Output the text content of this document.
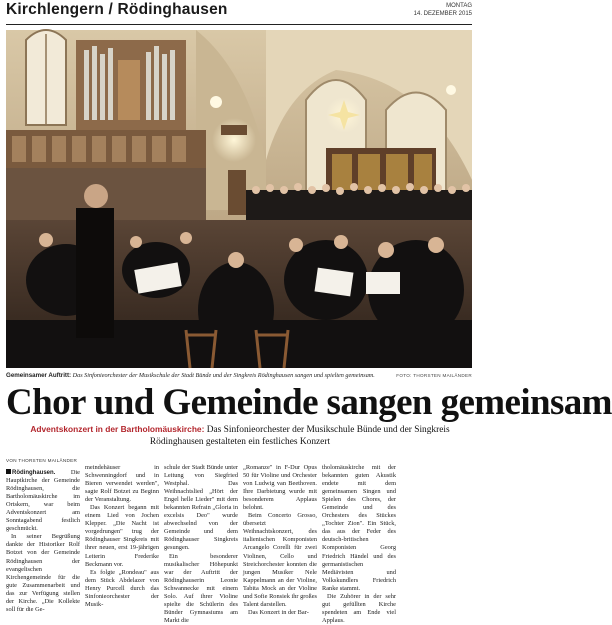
Kirchlengern / Rödinghausen	MONTAG
14. DEZEMBER 2015
Gemeinsamer Auftritt: Das Sinfonieorchester der Musikschule der Stadt Bünde und der Singkreis Rödinghausen sangen und spielten gemeinsam.	FOTO: THORSTEN MAILÄNDER
Chor und Gemeinde sangen gemeinsam
Adventskonzert in der Bartholomäuskirche: Das Sinfonieorchester der Musikschule Bünde und der Singkreis Rödinghausen gestalteten ein festliches Konzert
VON THORSTEN MAILÄNDER

Rödinghausen. Die Hauptkirche der Gemeinde Rödinghausen, die Bartholomäuskirche im Ortskern, war beim Adventskonzert am Sonntagabend festlich geschmückt.

In seiner Begrüßung dankte der Historiker Rolf Botzet von der Gemeinde Rödinghausen der evangelischen Kirchengemeinde für die gute Zusammenarbeit und das zur Verfügung stellen der Kirche. „Die Kollekte soll für die Ge-

meindehäuser in Schwenningdorf und in Bieren verwendet werden", sagte Rolf Botzet zu Beginn der Veranstaltung.

Das Konzert begann mit einem Lied von Jochen Klepper. „Die Nacht ist vorgedrungen" trug der Rödinghauser Singkreis mit ihrer neuen, erst 19-jährigen Leiterin Frederike Beckmann vor.

Es folgte „Rondeau" aus dem Stück Abdelazer von Henry Purcell durch das Sinfonieorchester der Musik-

schule der Stadt Bünde unter Leitung von Siegfried Westphal. Das Weihnachtslied „Hört der Engel helle Lieder" mit dem bekannten Refrain „Gloria in excelsis Deo" wurde abwechselnd von der Gemeinde und dem Rödinghauser Singkreis gesungen.

Ein besonderer musikalischer Höhepunkt war der Auftritt der Rödinghauserin Leonie Schwanneckе mit einem Solo. Auf ihrer Violine spielte die Schülerin des Bünder Gymnasiums am Markt die

„Romanze" in F-Dur Opus 50 für Violine und Orchester von Ludwig van Beethoven. Ihre Darbietung wurde mit besonderem Applaus belohnt.

Beim Concerto Grosso, übersetzt Weihnachtskonzert, des italienischen Komponisten Arcangelo Corelli für zwei Violinen, Cello und Streichorchester konnten die jungen Musiker Nele Kappelmann an der Violine, Tabita Mock an der Violine und Sofie Ronsiek ihr großes Talent darstellen.

Das Konzert in der Bar-

tholomäuskirche mit der bekannten guten Akustik endete mit dem gemeinsamen Singen und Spielen des Chores, der Gemeinde und des Orchesters des Stückes „Tochter Zion". Ein Stück, das aus der Feder des deutsch-britischen Komponisten Georg Friedrich Händel und des germanistischen Mediävisten und Volkskundlers Friedrich Ranke stammt.

Die Zuhörer in der sehr gut gefüllten Kirche spendeten am Ende viel Applaus.
